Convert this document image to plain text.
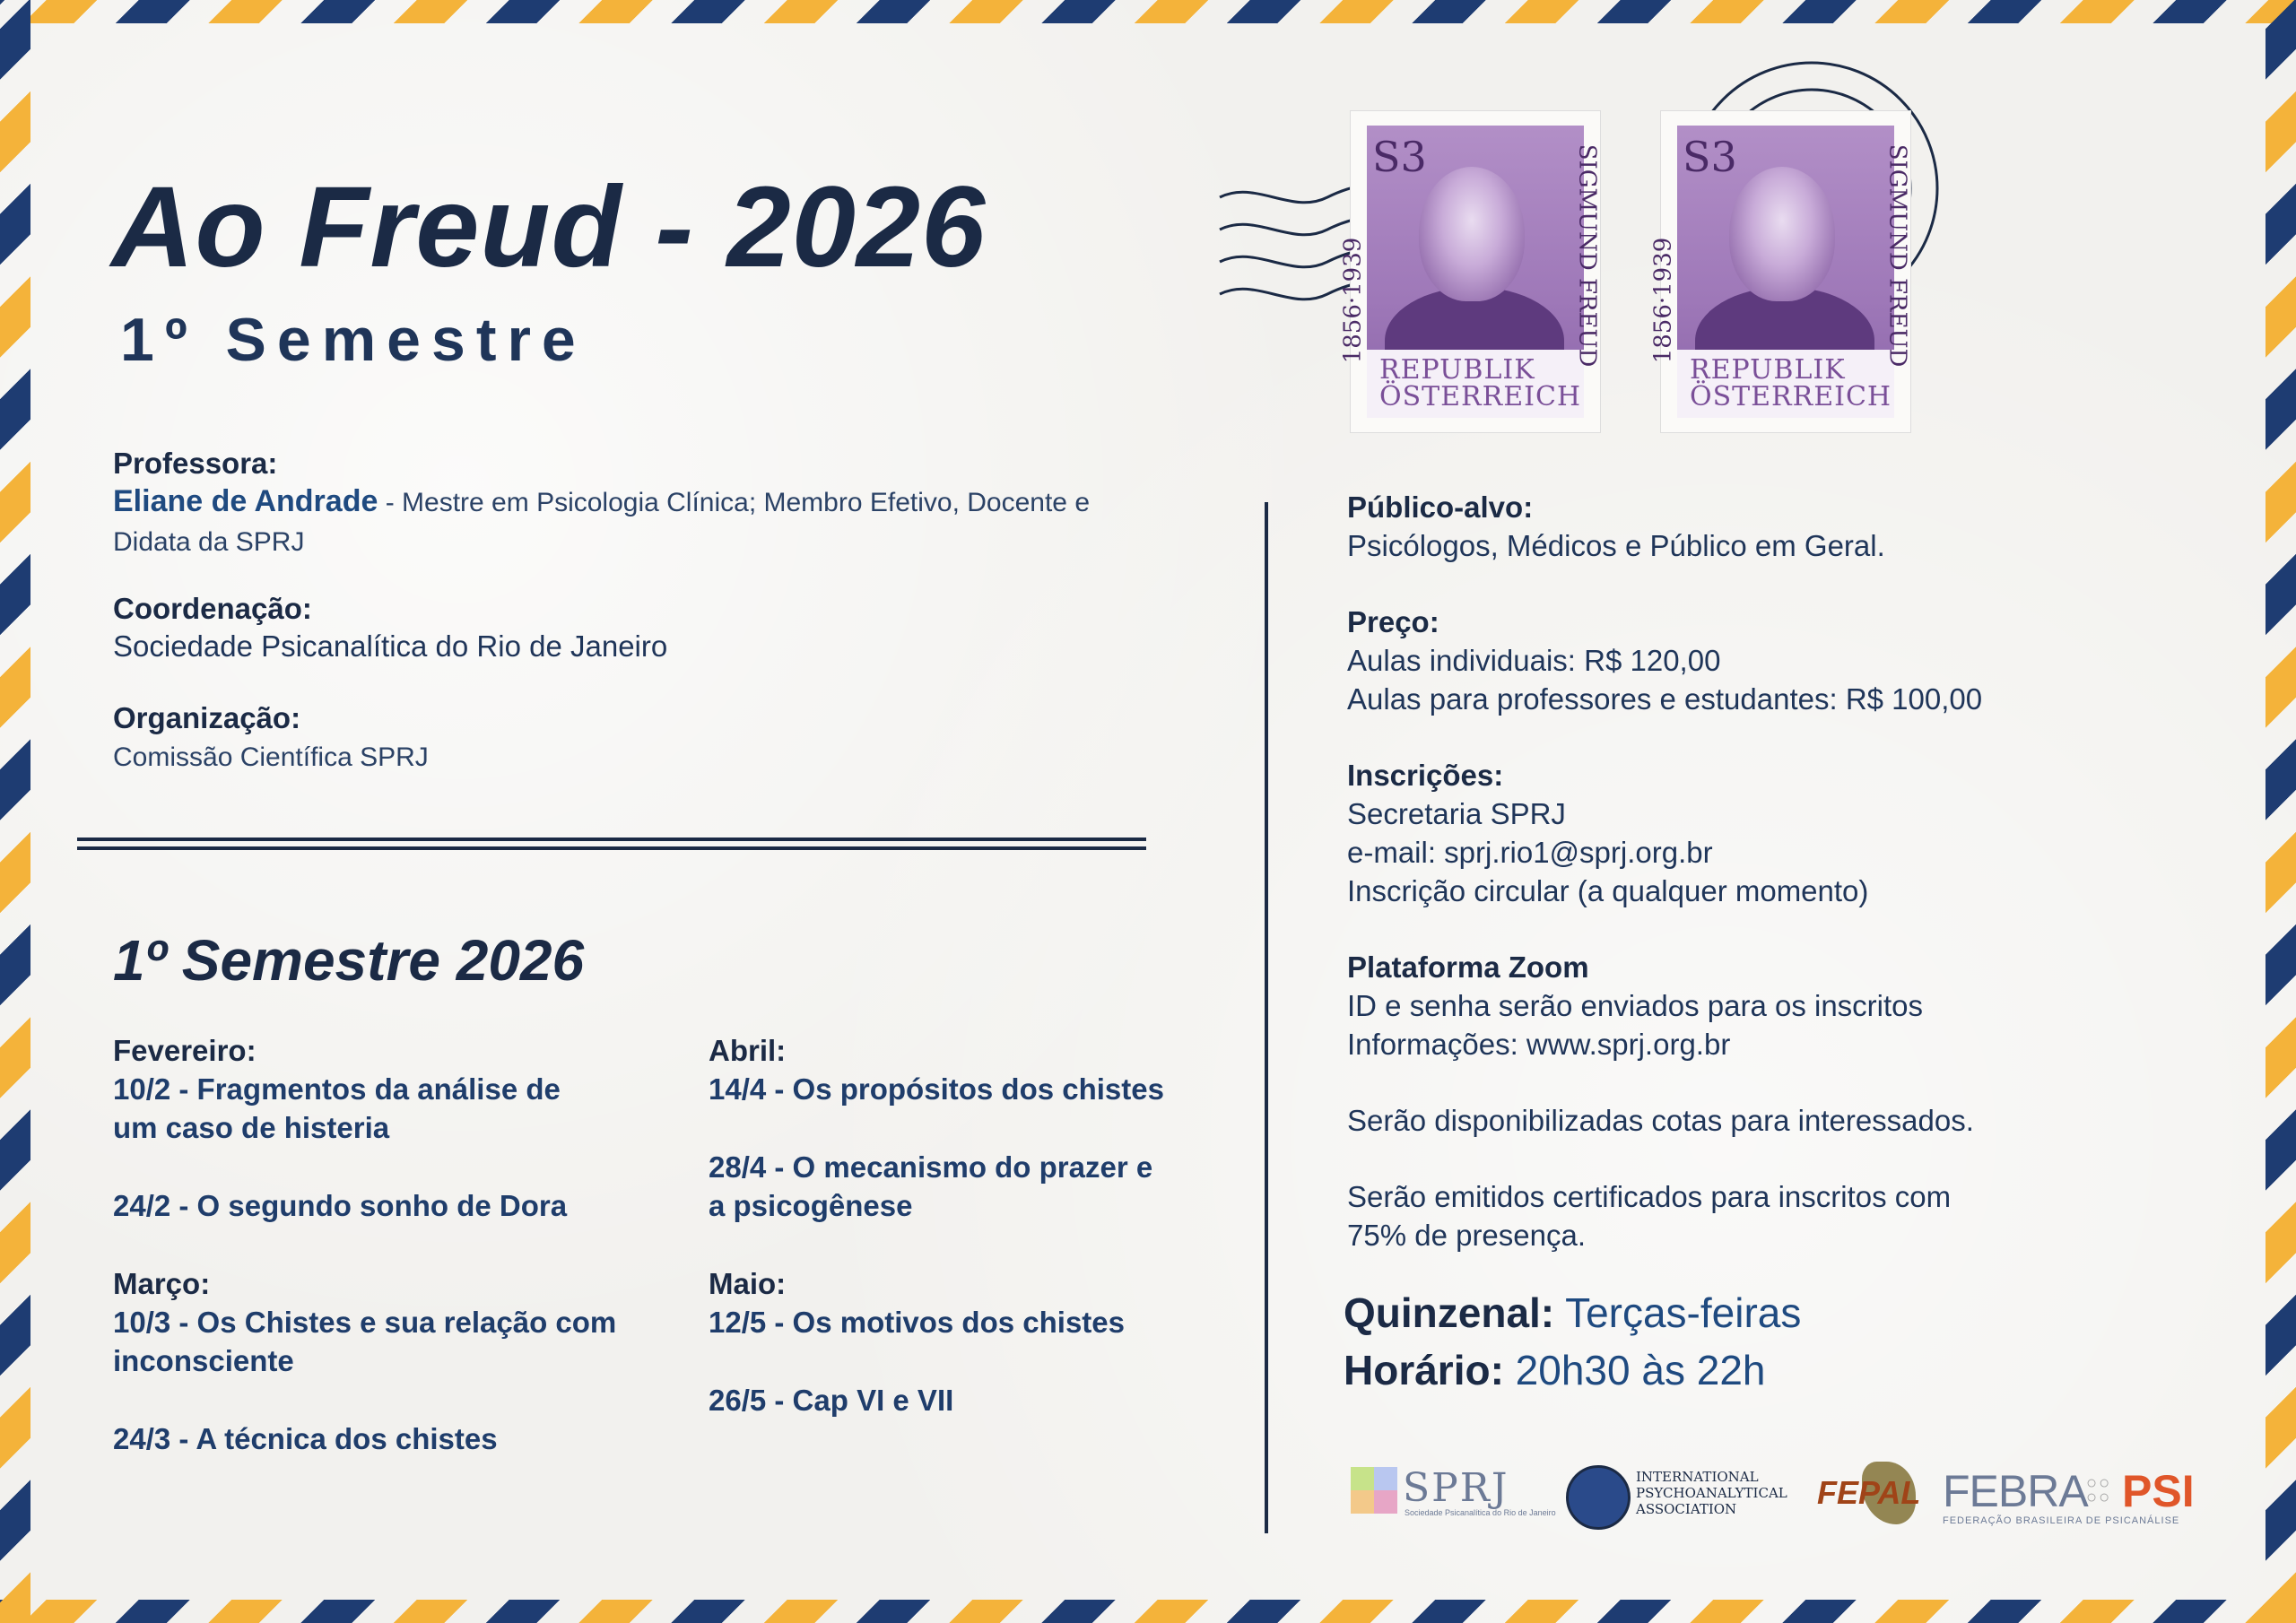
Ao Freud - 2026
1º Semestre
Professora:
Eliane de Andrade - Mestre em Psicologia Clínica; Membro Efetivo, Docente e
Didata da SPRJ
Coordenação:
Sociedade Psicanalítica do Rio de Janeiro
Organização:
Comissão Científica SPRJ
1º Semestre 2026
Fevereiro:
10/2 - Fragmentos da análise de
um caso de histeria
24/2 - O segundo sonho de Dora
Março:
10/3 - Os Chistes e sua relação com
inconsciente
24/3 - A técnica dos chistes
Abril:
14/4 - Os propósitos dos chistes
28/4 - O mecanismo do prazer e
a psicogênese
Maio:
12/5 - Os motivos dos chistes
26/5 - Cap VI e VII
Público-alvo:
Psicólogos, Médicos e Público em Geral.
Preço:
Aulas individuais: R$ 120,00
Aulas para professores e estudantes: R$ 100,00
Inscrições:
Secretaria SPRJ
e-mail: sprj.rio1@sprj.org.br
Inscrição circular (a qualquer momento)
Plataforma Zoom
ID e senha serão enviados para os inscritos
Informações: www.sprj.org.br
Serão disponibilizadas cotas para interessados.
Serão emitidos certificados para inscritos com
75% de presença.
Quinzenal: Terças-feiras
Horário: 20h30 às 22h
S3
REPUBLIK
ÖSTERREICH
SIGMUND FREUD
1856·1939
S3
REPUBLIK
ÖSTERREICH
SIGMUND FREUD
1856·1939
SPRJ
Sociedade Psicanalítica do Rio de Janeiro
INTERNATIONAL
PSYCHOANALYTICAL
ASSOCIATION	FEPAL FEBRA
○○
○○ PSI
FEDERAÇÃO BRASILEIRA DE PSICANÁLISE
